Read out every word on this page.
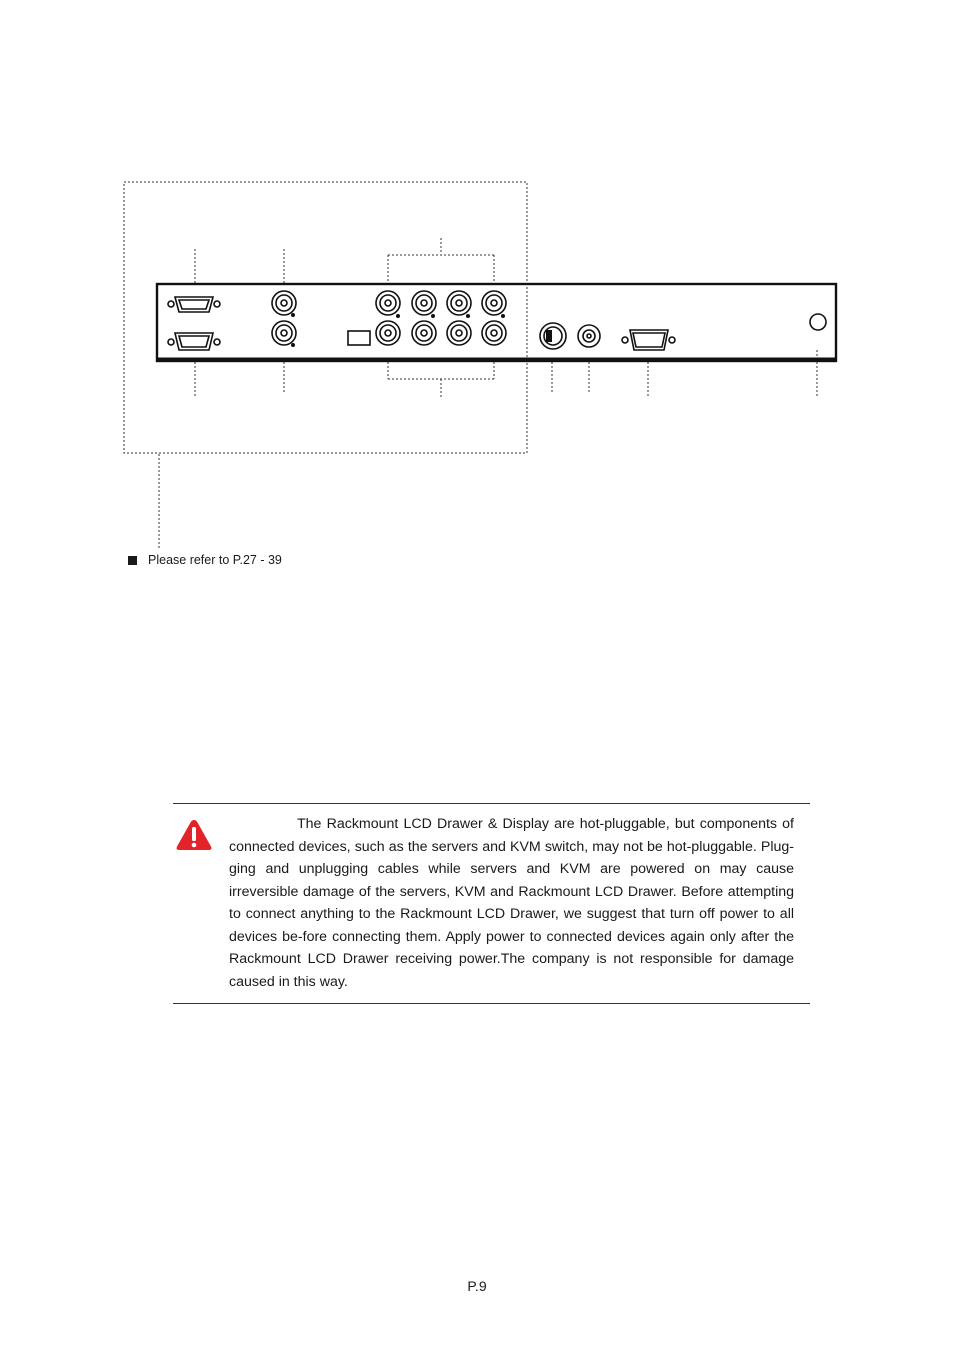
Please refer to P.27 - 39
The Rackmount LCD Drawer & Display are hot-pluggable, but components of connected devices, such as the servers and KVM switch, may not be hot-pluggable. Plug-ging and unplugging cables while servers and KVM are powered on may cause irreversible damage of the servers, KVM and Rackmount LCD Drawer. Before attempting to connect anything to the Rackmount LCD Drawer, we suggest that turn off power to all devices be-fore connecting them. Apply power to connected devices again only after the Rackmount LCD Drawer receiving power.The company is not responsible for damage caused in this way.
P.9
